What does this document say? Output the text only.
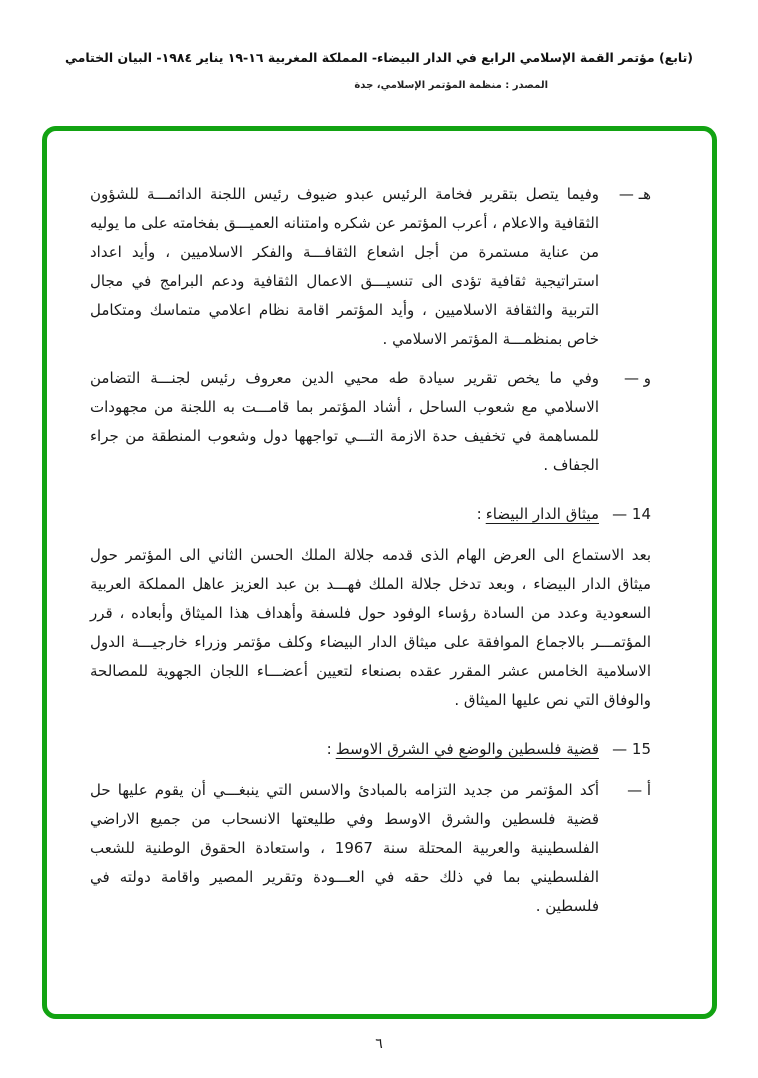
(تابع) مؤتمر القمة الإسلامي الرابع في الدار البيضاء- المملكة المغربية ١٦-١٩ يناير ١٩٨٤- البيان الختامي
المصدر : منظمة المؤتمر الإسلامي، جدة
هـ —
وفيما يتصل بتقرير فخامة الرئيس عبدو ضيوف رئيس اللجنة الدائمـــة للشؤون الثقافية والاعلام ، أعرب المؤتمر عن شكره وامتنانه العميـــق بفخامته على ما يوليه من عناية مستمرة من أجل اشعاع الثقافـــة والفكر الاسلاميين ، وأيد اعداد استراتيجية ثقافية تؤدى الى تنسيـــق الاعمال الثقافية ودعم البرامج في مجال التربية والثقافة الاسلاميين ، وأيد المؤتمر اقامة نظام اعلامي متماسك ومتكامل خاص بمنظمـــة المؤتمر الاسلامي .
و —
وفي ما يخص تقرير سيادة طه محيي الدين معروف رئيس لجنـــة التضامن الاسلامي مع شعوب الساحل ، أشاد المؤتمر بما قامـــت به اللجنة من مجهودات للمساهمة في تخفيف حدة الازمة التـــي تواجهها دول وشعوب المنطقة من جراء الجفاف .
14 —
ميثاق الدار البيضاء:
بعد الاستماع الى العرض الهام الذى قدمه جلالة الملك الحسن الثاني الى المؤتمر حول ميثاق الدار البيضاء ، وبعد تدخل جلالة الملك فهـــد بن عبد العزيز عاهل المملكة العربية السعودية وعدد من السادة رؤساء الوفود حول فلسفة وأهداف هذا الميثاق وأبعاده ، قرر المؤتمـــر بالاجماع الموافقة على ميثاق الدار البيضاء وكلف مؤتمر وزراء خارجيـــة الدول الاسلامية الخامس عشر المقرر عقده بصنعاء لتعيين أعضـــاء اللجان الجهوية للمصالحة والوفاق التي نص عليها الميثاق .
15 —
قضية فلسطين والوضع في الشرق الاوسط:
أ —
أكد المؤتمر من جديد التزامه بالمبادئ والاسس التي ينبغـــي أن يقوم عليها حل قضية فلسطين والشرق الاوسط وفي طليعتها الانسحاب من جميع الاراضي الفلسطينية والعربية المحتلة سنة 1967 ، واستعادة الحقوق الوطنية للشعب الفلسطيني بما في ذلك حقه في العـــودة وتقرير المصير واقامة دولته في فلسطين .
٦
